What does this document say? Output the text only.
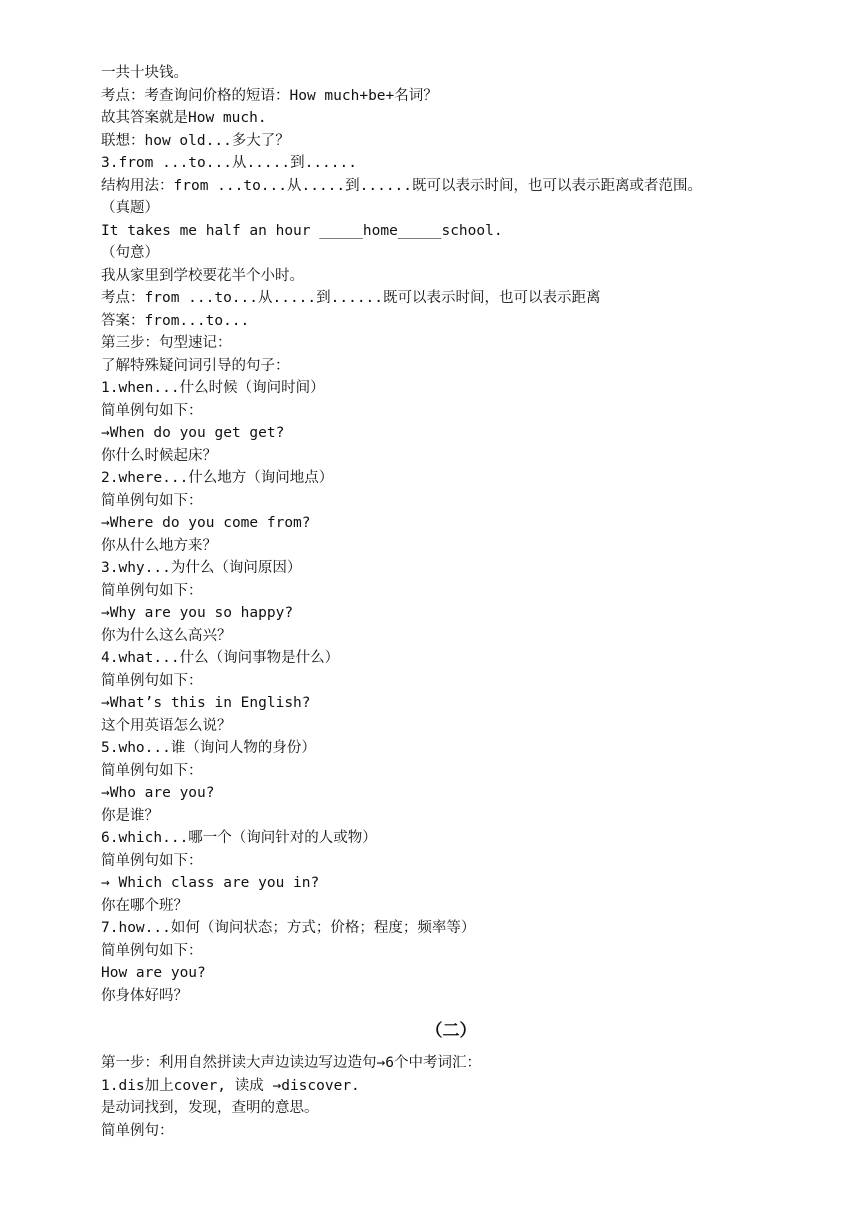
一共十块钱。
考点：考查询问价格的短语：How much+be+名词？
故其答案就是How much.
联想：how old...多大了？
3.from ...to...从.....到......
结构用法：from ...to...从.....到......既可以表示时间，也可以表示距离或者范围。
（真题）
It takes me half an hour _____home_____school.
（句意）
我从家里到学校要花半个小时。
考点：from ...to...从.....到......既可以表示时间，也可以表示距离
答案：from...to...
第三步：句型速记：
了解特殊疑问词引导的句子：
1.when...什么时候（询问时间）
简单例句如下：
→When do you get get?
你什么时候起床？
2.where...什么地方（询问地点）
简单例句如下：
→Where do you come from?
你从什么地方来？
3.why...为什么（询问原因）
简单例句如下：
→Why are you so happy?
你为什么这么高兴？
4.what...什么（询问事物是什么）
简单例句如下：
→What’s this in English?
这个用英语怎么说？
5.who...谁（询问人物的身份）
简单例句如下：
→Who are you?
你是谁？
6.which...哪一个（询问针对的人或物）
简单例句如下：
→ Which class are you in?
你在哪个班？
7.how...如何（询问状态；方式；价格；程度；频率等）
简单例句如下：
How are you?
你身体好吗？
（二）
第一步：利用自然拼读大声边读边写边造句→6个中考词汇：
1.dis加上cover, 读成 →discover.
是动词找到，发现，查明的意思。
简单例句：
